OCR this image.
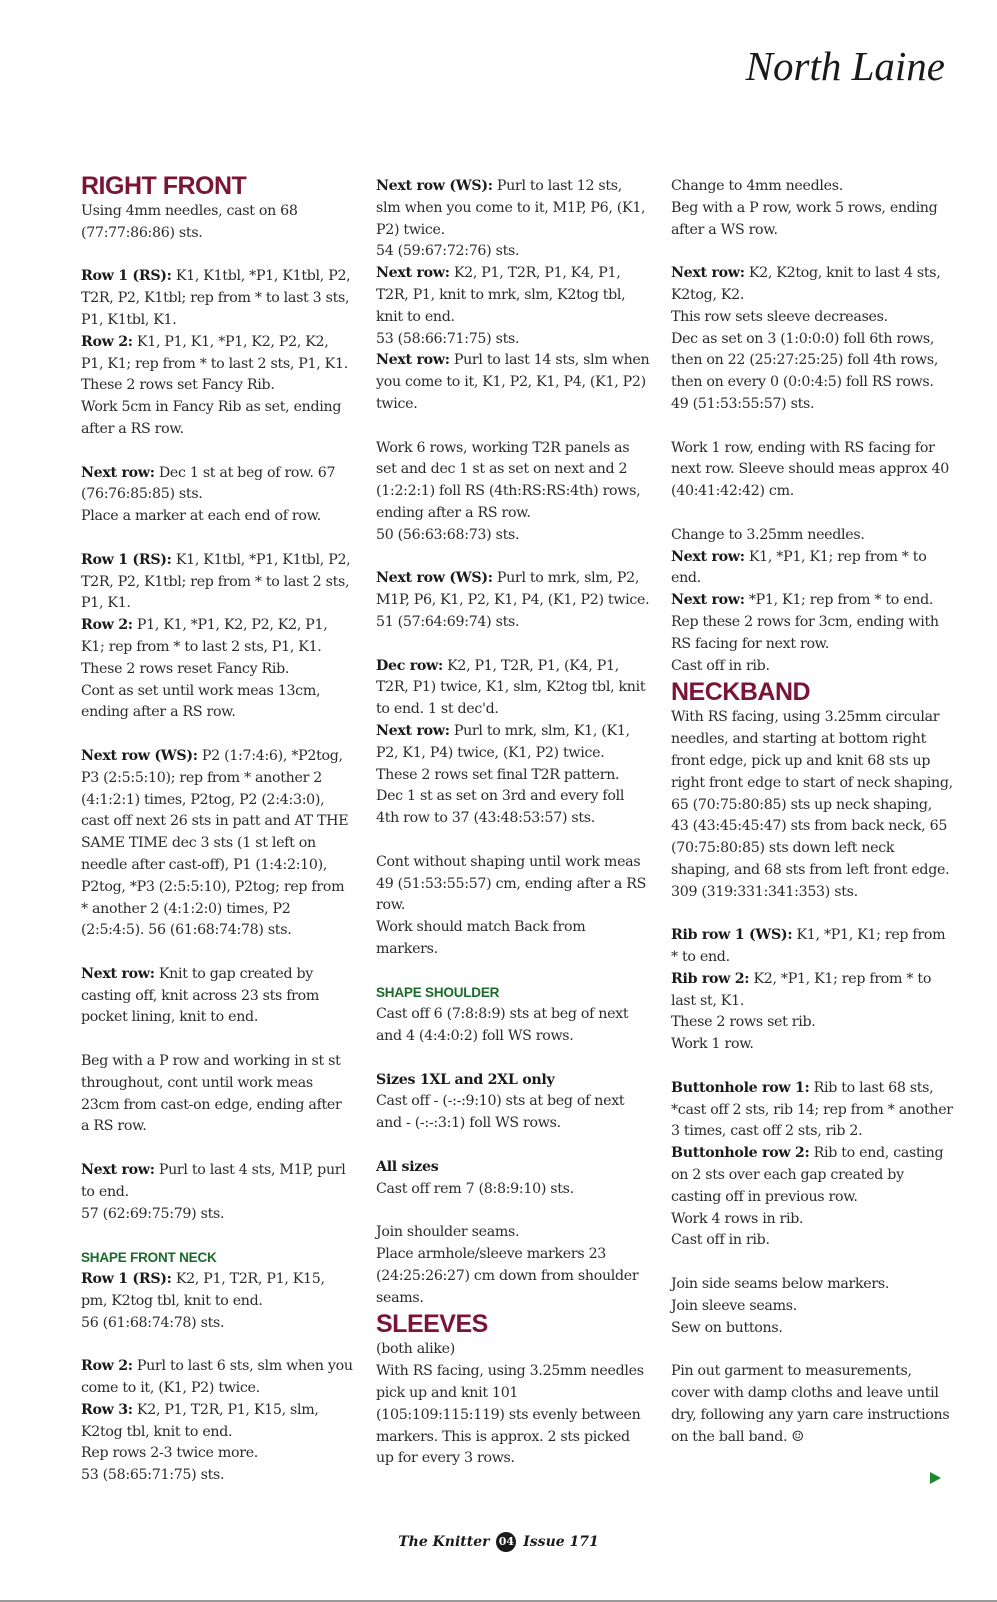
North Laine
RIGHT FRONT

Using 4mm needles, cast on 68 (77:77:86:86) sts.

Row 1 (RS): K1, K1tbl, *P1, K1tbl, P2, T2R, P2, K1tbl; rep from * to last 3 sts, P1, K1tbl, K1.

Row 2: K1, P1, K1, *P1, K2, P2, K2, P1, K1; rep from * to last 2 sts, P1, K1.

These 2 rows set Fancy Rib.

Work 5cm in Fancy Rib as set, ending after a RS row.

Next row: Dec 1 st at beg of row. 67 (76:76:85:85) sts.

Place a marker at each end of row.

Row 1 (RS): K1, K1tbl, *P1, K1tbl, P2, T2R, P2, K1tbl; rep from * to last 2 sts, P1, K1.

Row 2: P1, K1, *P1, K2, P2, K2, P1, K1; rep from * to last 2 sts, P1, K1.

These 2 rows reset Fancy Rib.

Cont as set until work meas 13cm, ending after a RS row.

Next row (WS): P2 (1:7:4:6), *P2tog, P3 (2:5:5:10); rep from * another 2 (4:1:2:1) times, P2tog, P2 (2:4:3:0), cast off next 26 sts in patt and AT THE SAME TIME dec 3 sts (1 st left on needle after cast-off), P1 (1:4:2:10), P2tog, *P3 (2:5:5:10), P2tog; rep from * another 2 (4:1:2:0) times, P2 (2:5:4:5). 56 (61:68:74:78) sts.

Next row: Knit to gap created by casting off, knit across 23 sts from pocket lining, knit to end.

Beg with a P row and working in st st throughout, cont until work meas 23cm from cast-on edge, ending after a RS row.

Next row: Purl to last 4 sts, M1P, purl to end.

57 (62:69:75:79) sts.

SHAPE FRONT NECK

Row 1 (RS): K2, P1, T2R, P1, K15, pm, K2tog tbl, knit to end.

56 (61:68:74:78) sts.

Row 2: Purl to last 6 sts, slm when you come to it, (K1, P2) twice.

Row 3: K2, P1, T2R, P1, K15, slm, K2tog tbl, knit to end.

Rep rows 2-3 twice more.

53 (58:65:71:75) sts.

Next row (WS): Purl to last 12 sts, slm when you come to it, M1P, P6, (K1, P2) twice.

54 (59:67:72:76) sts.

Next row: K2, P1, T2R, P1, K4, P1, T2R, P1, knit to mrk, slm, K2tog tbl, knit to end.

53 (58:66:71:75) sts.

Next row: Purl to last 14 sts, slm when you come to it, K1, P2, K1, P4, (K1, P2) twice.

Work 6 rows, working T2R panels as set and dec 1 st as set on next and 2 (1:2:2:1) foll RS (4th:RS:RS:4th) rows, ending after a RS row.

50 (56:63:68:73) sts.

Next row (WS): Purl to mrk, slm, P2, M1P, P6, K1, P2, K1, P4, (K1, P2) twice.

51 (57:64:69:74) sts.

Dec row: K2, P1, T2R, P1, (K4, P1, T2R, P1) twice, K1, slm, K2tog tbl, knit to end. 1 st dec'd.

Next row: Purl to mrk, slm, K1, (K1, P2, K1, P4) twice, (K1, P2) twice.

These 2 rows set final T2R pattern.

Dec 1 st as set on 3rd and every foll 4th row to 37 (43:48:53:57) sts.

Cont without shaping until work meas 49 (51:53:55:57) cm, ending after a RS row.

Work should match Back from markers.

SHAPE SHOULDER

Cast off 6 (7:8:8:9) sts at beg of next and 4 (4:4:0:2) foll WS rows.

Sizes 1XL and 2XL only

Cast off - (-:-:9:10) sts at beg of next and - (-:-:3:1) foll WS rows.

All sizes

Cast off rem 7 (8:8:9:10) sts.

Join shoulder seams.

Place armhole/sleeve markers 23 (24:25:26:27) cm down from shoulder seams.

SLEEVES

(both alike)

With RS facing, using 3.25mm needles pick up and knit 101 (105:109:115:119) sts evenly between markers. This is approx. 2 sts picked up for every 3 rows.

Change to 4mm needles.

Beg with a P row, work 5 rows, ending after a WS row.

Next row: K2, K2tog, knit to last 4 sts, K2tog, K2.

This row sets sleeve decreases.

Dec as set on 3 (1:0:0:0) foll 6th rows, then on 22 (25:27:25:25) foll 4th rows, then on every 0 (0:0:4:5) foll RS rows. 49 (51:53:55:57) sts.

Work 1 row, ending with RS facing for next row. Sleeve should meas approx 40 (40:41:42:42) cm.

Change to 3.25mm needles.

Next row: K1, *P1, K1; rep from * to end.

Next row: *P1, K1; rep from * to end.

Rep these 2 rows for 3cm, ending with RS facing for next row.

Cast off in rib.

NECKBAND

With RS facing, using 3.25mm circular needles, and starting at bottom right front edge, pick up and knit 68 sts up right front edge to start of neck shaping, 65 (70:75:80:85) sts up neck shaping, 43 (43:45:45:47) sts from back neck, 65 (70:75:80:85) sts down left neck shaping, and 68 sts from left front edge.

309 (319:331:341:353) sts.

Rib row 1 (WS): K1, *P1, K1; rep from * to end.

Rib row 2: K2, *P1, K1; rep from * to last st, K1.

These 2 rows set rib.

Work 1 row.

Buttonhole row 1: Rib to last 68 sts, *cast off 2 sts, rib 14; rep from * another 3 times, cast off 2 sts, rib 2.

Buttonhole row 2: Rib to end, casting on 2 sts over each gap created by casting off in previous row.

Work 4 rows in rib.

Cast off in rib.

Join side seams below markers.

Join sleeve seams.

Sew on buttons.

Pin out garment to measurements, cover with damp cloths and leave until dry, following any yarn care instructions on the ball band. ☺

The Knitter 04 Issue 171
